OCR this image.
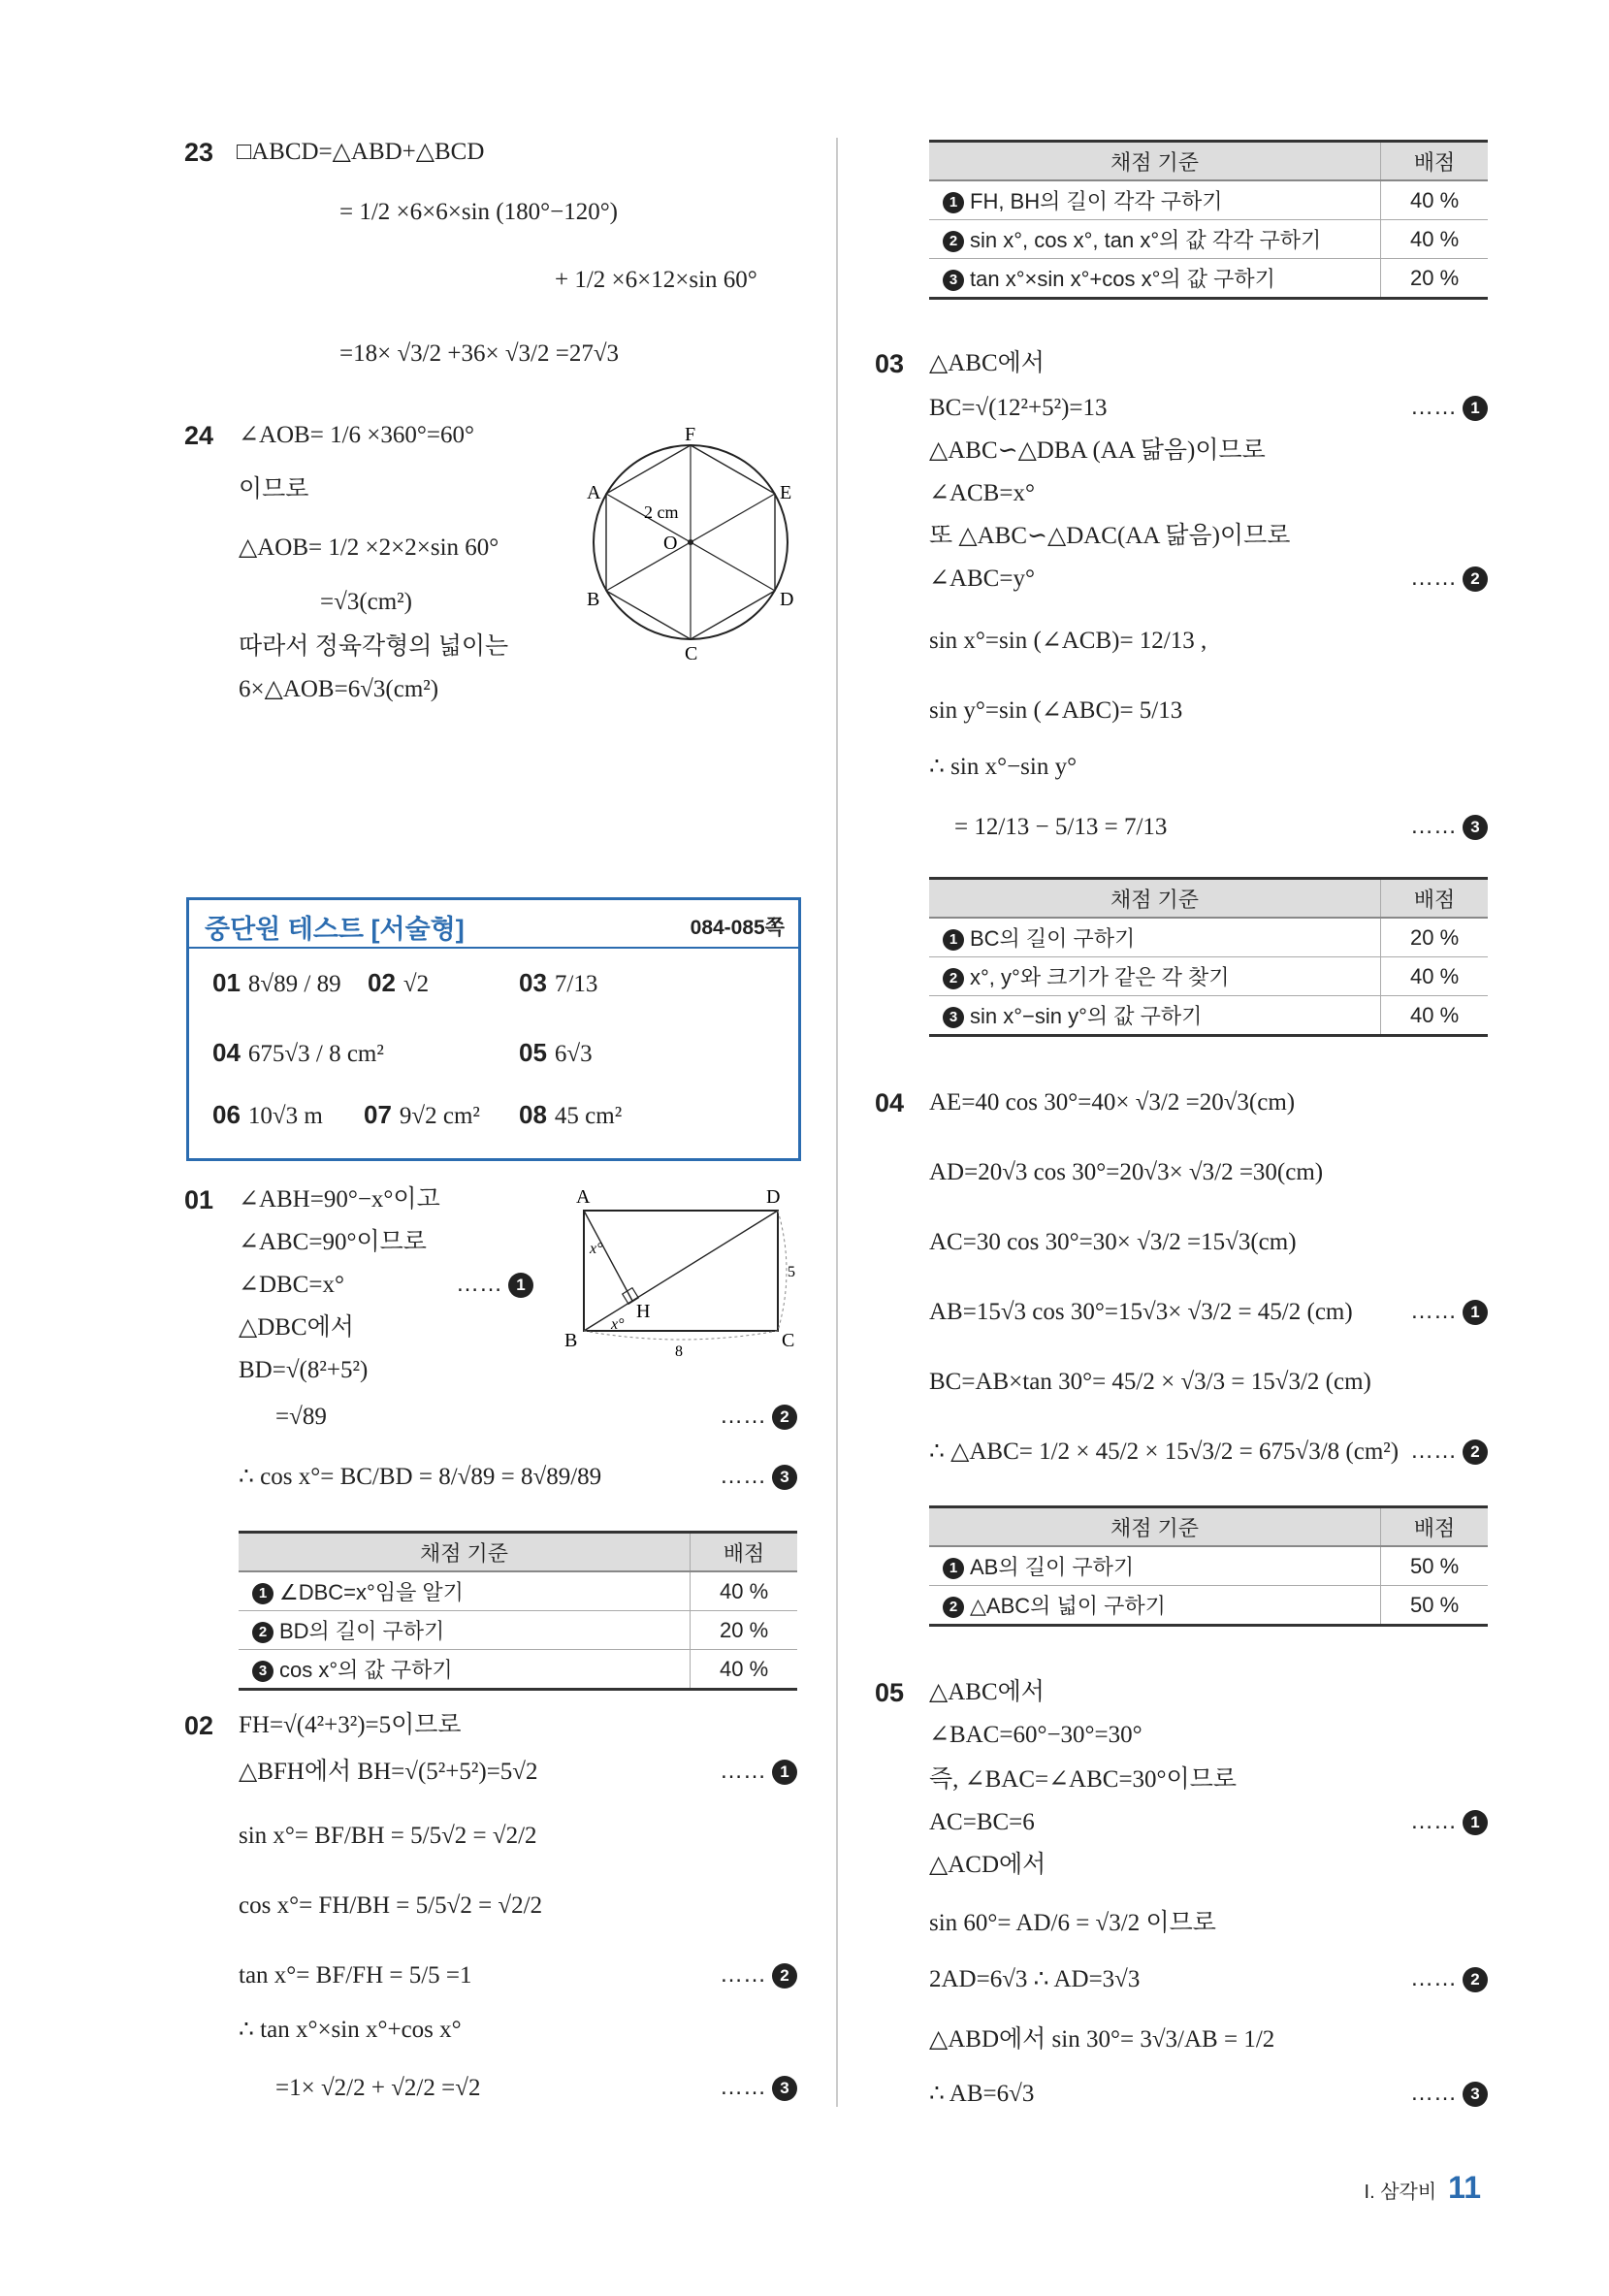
23 □ABCD=△ABD+△BCD
= 1/2 ×6×6×sin (180°−120°)
+ 1/2 ×6×12×sin 60°
=18× √3/2 +36× √3/2 =27√3
24 ∠AOB= 1/6 ×360°=60°
이므로
△AOB= 1/2 ×2×2×sin 60°
=√3(cm²)
따라서 정육각형의 넓이는
6×△AOB=6√3(cm²)
F
A	E
B	D
C
O
2 cm
중단원 테스트 [서술형]	084-085쪽
01 8√89 / 89 02 √2	03 7/13
04 675√3 / 8 cm²	05 6√3
06 10√3 m 07 9√2 cm² 08 45 cm²
01 ∠ABH=90°−x°이고
∠ABC=90°이므로
∠DBC=x°
△DBC에서
BD=√(8²+5²)
=√89
∴ cos x°= BC/BD = 8/√89 = 8√89/89
…… 1
…… 2
…… 3
A	D
B	C
H
x°
x°
5
8
채점 기준	배점
1 ∠DBC=x°임을 알기	40 %
2 BD의 길이 구하기	20 %
3 cos x°의 값 구하기	40 %
02 FH=√(4²+3²)=5이므로
△BFH에서 BH=√(5²+5²)=5√2
sin x°= BF/BH = 5/5√2 = √2/2
cos x°= FH/BH = 5/5√2 = √2/2
tan x°= BF/FH = 5/5 =1
∴ tan x°×sin x°+cos x°
=1× √2/2 + √2/2 =√2
…… 1
…… 2
…… 3
채점 기준	배점
1 FH, BH의 길이 각각 구하기	40 %
2 sin x°, cos x°, tan x°의 값 각각 구하기	40 %
3 tan x°×sin x°+cos x°의 값 구하기	20 %
03 △ABC에서
BC=√(12²+5²)=13
△ABC∽△DBA (AA 닮음)이므로
∠ACB=x°
또 △ABC∽△DAC(AA 닮음)이므로
∠ABC=y°
sin x°=sin (∠ACB)= 12/13 ,
sin y°=sin (∠ABC)= 5/13
∴ sin x°−sin y°
= 12/13 − 5/13 = 7/13
…… 1
…… 2
…… 3
채점 기준	배점
1 BC의 길이 구하기	20 %
2 x°, y°와 크기가 같은 각 찾기	40 %
3 sin x°−sin y°의 값 구하기	40 %
04 AE=40 cos 30°=40× √3/2 =20√3(cm)
AD=20√3 cos 30°=20√3× √3/2 =30(cm)
AC=30 cos 30°=30× √3/2 =15√3(cm)
AB=15√3 cos 30°=15√3× √3/2 = 45/2 (cm)
BC=AB×tan 30°= 45/2 × √3/3 = 15√3/2 (cm)
∴ △ABC= 1/2 × 45/2 × 15√3/2 = 675√3/8 (cm²)
…… 1
…… 2
채점 기준	배점
1 AB의 길이 구하기	50 %
2 △ABC의 넓이 구하기	50 %
05 △ABC에서
∠BAC=60°−30°=30°
즉, ∠BAC=∠ABC=30°이므로
AC=BC=6
△ACD에서
sin 60°= AD/6 = √3/2 이므로
2AD=6√3 ∴ AD=3√3
△ABD에서 sin 30°= 3√3/AB = 1/2
∴ AB=6√3
…… 1
…… 2
…… 3
I. 삼각비 11
